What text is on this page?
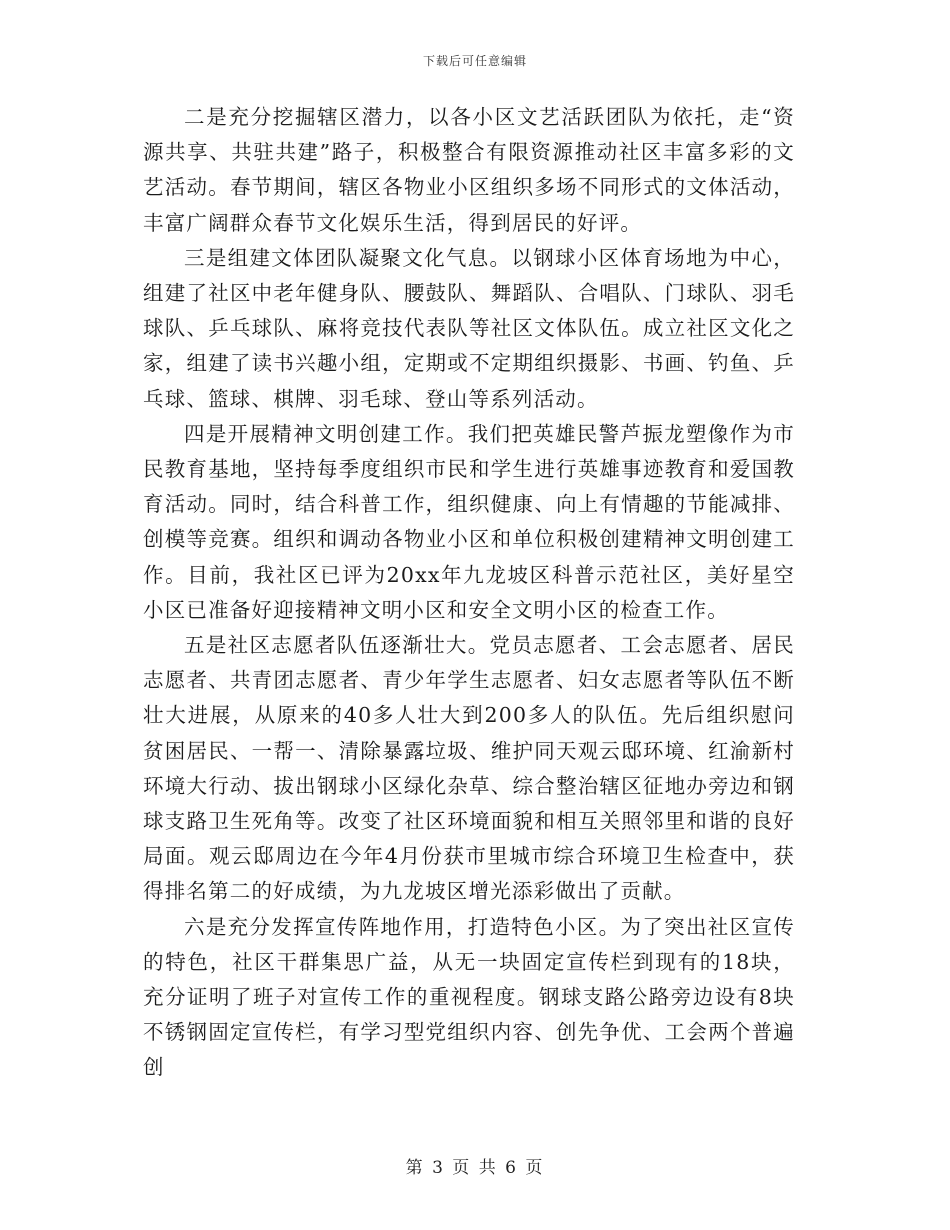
下载后可任意编辑

二是充分挖掘辖区潜力，以各小区文艺活跃团队为依托，走“资源共享、共驻共建”路子，积极整合有限资源推动社区丰富多彩的文艺活动。春节期间，辖区各物业小区组织多场不同形式的文体活动，丰富广阔群众春节文化娱乐生活，得到居民的好评。

三是组建文体团队凝聚文化气息。以钢球小区体育场地为中心，组建了社区中老年健身队、腰鼓队、舞蹈队、合唱队、门球队、羽毛球队、乒乓球队、麻将竞技代表队等社区文体队伍。成立社区文化之家，组建了读书兴趣小组，定期或不定期组织摄影、书画、钓鱼、乒乓球、篮球、棋牌、羽毛球、登山等系列活动。

四是开展精神文明创建工作。我们把英雄民警芦振龙塑像作为市民教育基地，坚持每季度组织市民和学生进行英雄事迹教育和爱国教育活动。同时，结合科普工作，组织健康、向上有情趣的节能减排、创模等竞赛。组织和调动各物业小区和单位积极创建精神文明创建工作。目前，我社区已评为20xx年九龙坡区科普示范社区，美好星空小区已准备好迎接精神文明小区和安全文明小区的检查工作。

五是社区志愿者队伍逐渐壮大。党员志愿者、工会志愿者、居民志愿者、共青团志愿者、青少年学生志愿者、妇女志愿者等队伍不断壮大进展，从原来的40多人壮大到200多人的队伍。先后组织慰问贫困居民、一帮一、清除暴露垃圾、维护同天观云邸环境、红渝新村环境大行动、拔出钢球小区绿化杂草、综合整治辖区征地办旁边和钢球支路卫生死角等。改变了社区环境面貌和相互关照邻里和谐的良好局面。观云邸周边在今年4月份获市里城市综合环境卫生检查中，获得排名第二的好成绩，为九龙坡区增光添彩做出了贡献。

六是充分发挥宣传阵地作用，打造特色小区。为了突出社区宣传的特色，社区干群集思广益，从无一块固定宣传栏到现有的18块，充分证明了班子对宣传工作的重视程度。钢球支路公路旁边设有8块不锈钢固定宣传栏，有学习型党组织内容、创先争优、工会两个普遍创

第 3 页 共 6 页
